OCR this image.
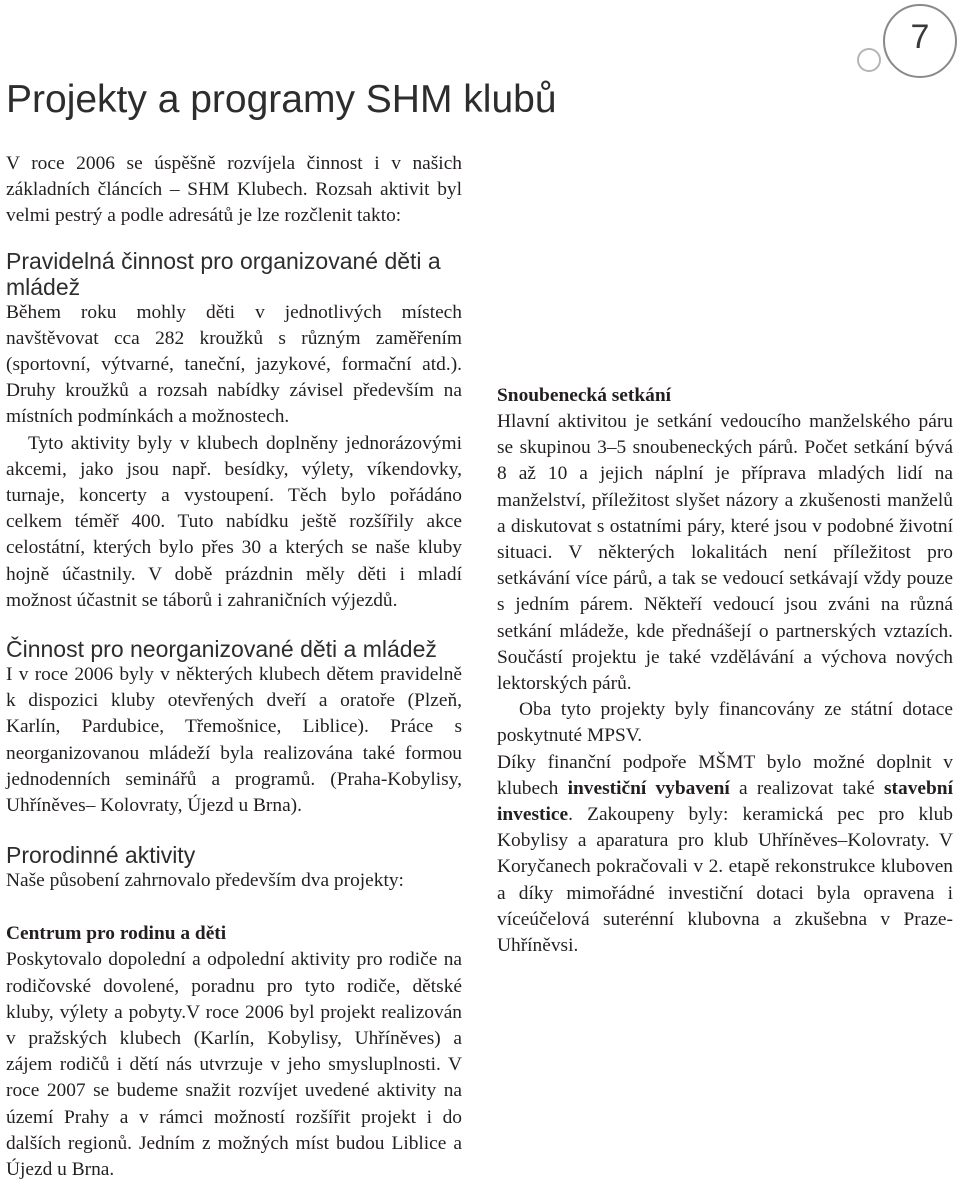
7
Projekty a programy SHM klubů

V roce 2006 se úspěšně rozvíjela činnost i v našich základních článcích – SHM Klubech. Rozsah aktivit byl velmi pestrý a podle adresátů je lze rozčlenit takto:

Pravidelná činnost pro organizované děti a mládež

Během roku mohly děti v jednotlivých místech navštěvovat cca 282 kroužků s různým zaměřením (sportovní, výtvarné, taneční, jazykové, formační atd.). Druhy kroužků a rozsah nabídky závisel především na místních podmínkách a možnostech.

Tyto aktivity byly v klubech doplněny jednorázovými akcemi, jako jsou např. besídky, výlety, víkendovky, turnaje, koncerty a vystoupení. Těch bylo pořádáno celkem téměř 400. Tuto nabídku ještě rozšířily akce celostátní, kterých bylo přes 30 a kterých se naše kluby hojně účastnily. V době prázdnin měly děti i mladí možnost účastnit se táborů i zahraničních výjezdů.

Činnost pro neorganizované děti a mládež

I v roce 2006 byly v některých klubech dětem pravidelně k dispozici kluby otevřených dveří a oratoře (Plzeň, Karlín, Pardubice, Třemošnice, Liblice). Práce s neorganizovanou mládeží byla realizována také formou jednodenních seminářů a programů. (Praha-Kobylisy, Uhříněves– Kolovraty, Újezd u Brna).

Prorodinné aktivity

Naše působení zahrnovalo především dva projekty:

Centrum pro rodinu a děti

Poskytovalo dopolední a odpolední aktivity pro rodiče na rodičovské dovolené, poradnu pro tyto rodiče, dětské kluby, výlety a pobyty.V roce 2006 byl projekt realizován v pražských klubech (Karlín, Kobylisy, Uhříněves) a zájem rodičů i dětí nás utvrzuje v jeho smysluplnosti. V roce 2007 se budeme snažit rozvíjet uvedené aktivity na území Prahy a v rámci možností rozšířit projekt i do dalších regionů. Jedním z možných míst budou Liblice a Újezd u Brna.

Snoubenecká setkání

Hlavní aktivitou je setkání vedoucího manželského páru se skupinou 3–5 snoubeneckých párů. Počet setkání bývá 8 až 10 a jejich náplní je příprava mladých lidí na manželství, příležitost slyšet názory a zkušenosti manželů a diskutovat s ostatními páry, které jsou v podobné životní situaci. V některých lokalitách není příležitost pro setkávání více párů, a tak se vedoucí setkávají vždy pouze s jedním párem. Někteří vedoucí jsou zváni na různá setkání mládeže, kde přednášejí o partnerských vztazích. Součástí projektu je také vzdělávání a výchova nových lektorských párů.

Oba tyto projekty byly financovány ze státní dotace poskytnuté MPSV.

Díky finanční podpoře MŠMT bylo možné doplnit v klubech investiční vybavení a realizovat také stavební investice. Zakoupeny byly: keramická pec pro klub Kobylisy a aparatura pro klub Uhříněves–Kolovraty. V Koryčanech pokračovali v 2. etapě rekonstrukce kluboven a díky mimořádné investiční dotaci byla opravena i víceúčelová suterénní klubovna a zkušebna v Praze-Uhříněvsi.
